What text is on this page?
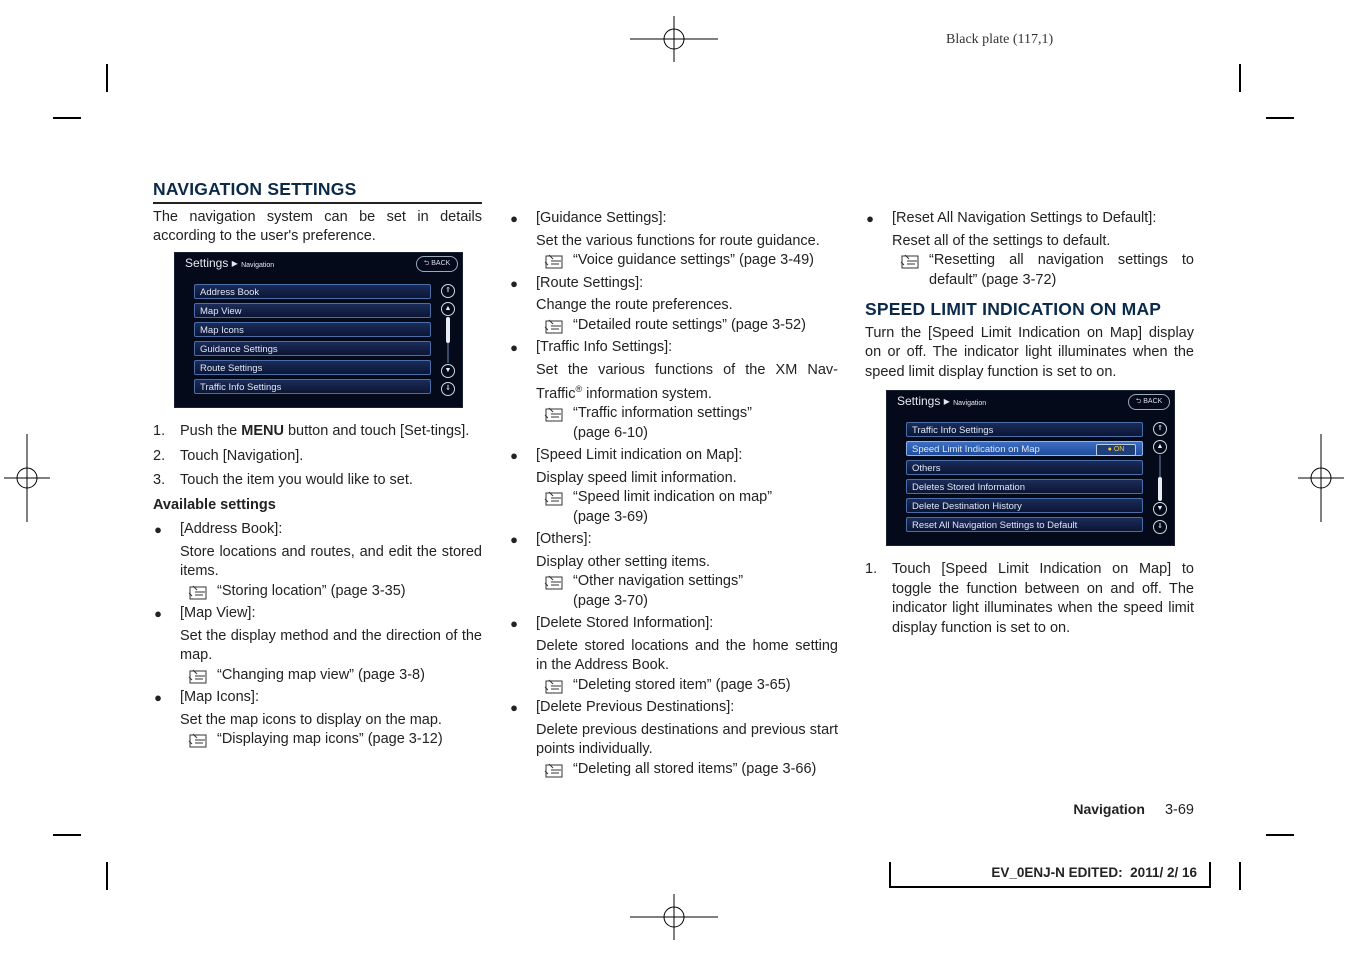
Black plate (117,1)
NAVIGATION SETTINGS
The navigation system can be set in details according to the user's preference.
Settings ▸ Navigation	⮌ BACK
Address Book
Map View
Map Icons
Guidance Settings
Route Settings
Traffic Info Settings
⇑
▲
▼
⇓
1. Push the MENU button and touch [Set-tings].
2. Touch [Navigation].
3. Touch the item you would like to set.
Available settings
● [Address Book]:
Store locations and routes, and edit the stored items.
“Storing location” (page 3-35)
● [Map View]:
Set the display method and the direction of the map.
“Changing map view” (page 3-8)
● [Map Icons]:
Set the map icons to display on the map.
“Displaying map icons” (page 3-12)
● [Guidance Settings]:
Set the various functions for route guidance.
“Voice guidance settings” (page 3-49)
● [Route Settings]:
Change the route preferences.
“Detailed route settings” (page 3-52)
● [Traffic Info Settings]:
Set the various functions of the XM Nav-Traffic® information system.
“Traffic information settings”
(page 6-10)
● [Speed Limit indication on Map]:
Display speed limit information.
“Speed limit indication on map”
(page 3-69)
● [Others]:
Display other setting items.
“Other navigation settings”
(page 3-70)
● [Delete Stored Information]:
Delete stored locations and the home setting in the Address Book.
“Deleting stored item” (page 3-65)
● [Delete Previous Destinations]:
Delete previous destinations and previous start points individually.
“Deleting all stored items” (page 3-66)
● [Reset All Navigation Settings to Default]:
Reset all of the settings to default.
“Resetting all navigation settings to default” (page 3-72)
SPEED LIMIT INDICATION ON MAP
Turn the [Speed Limit Indication on Map] display on or off. The indicator light illuminates when the speed limit display function is set to on.
Settings ▸ Navigation	⮌ BACK
Traffic Info Settings
Speed Limit Indication on Map	● ON
Others
Deletes Stored Information
Delete Destination History
Reset All Navigation Settings to Default
⇑
▲
▼
⇓
1. Touch [Speed Limit Indication on Map] to toggle the function between on and off. The indicator light illuminates when the speed limit display function is set to on.
Navigation 3-69
EV_0ENJ-N EDITED:  2011/ 2/ 16
